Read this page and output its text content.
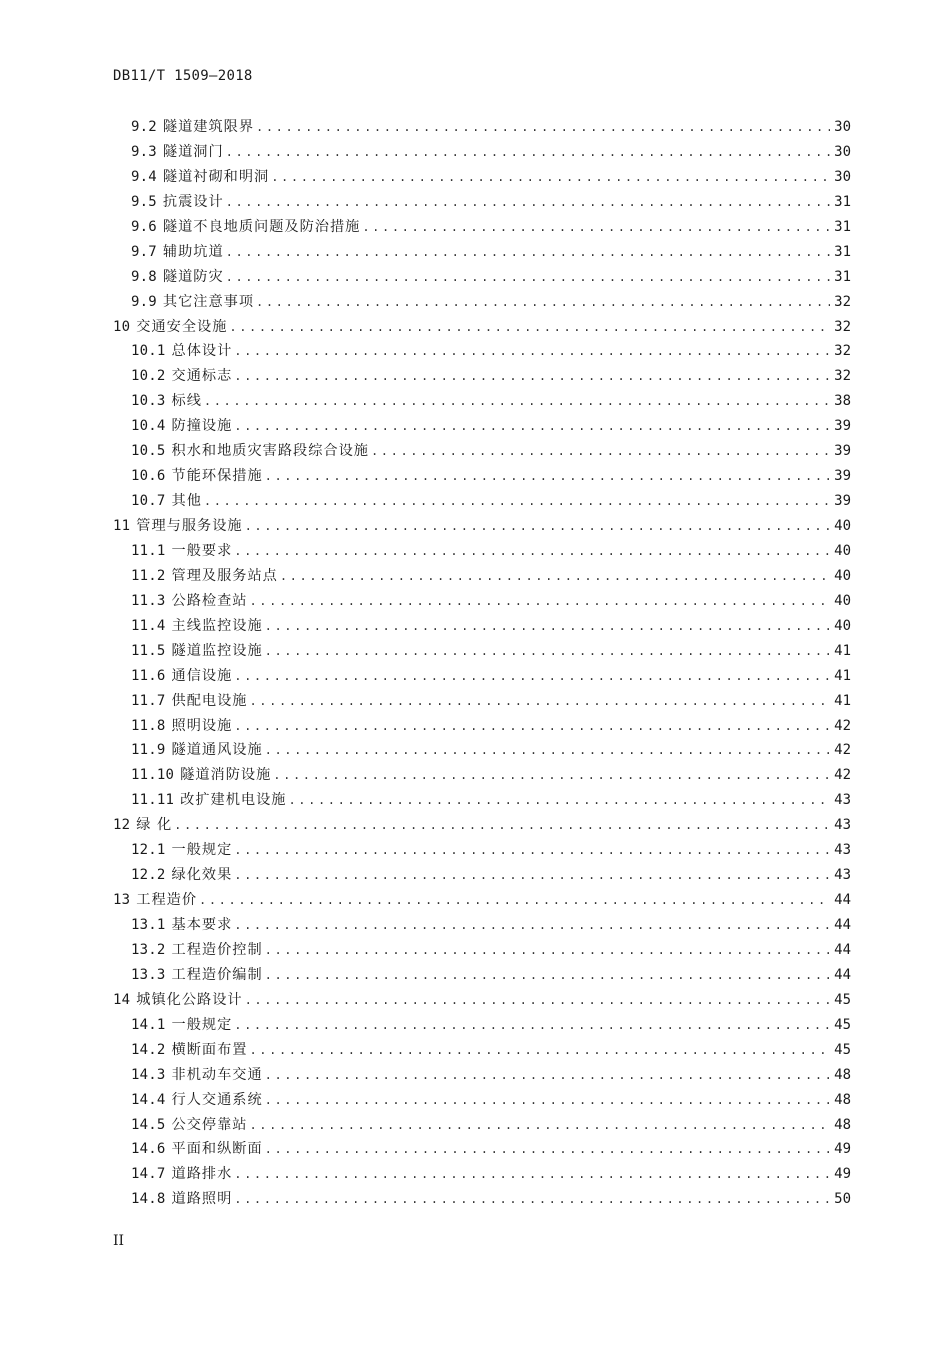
DB11/T 1509—2018
9.2 隧道建筑限界 .....	30
9.3 隧道洞门 .....	30
9.4 隧道衬砌和明洞 .....	30
9.5 抗震设计 .....	31
9.6 隧道不良地质问题及防治措施 .....	31
9.7 辅助坑道 .....	31
9.8 隧道防灾 .....	31
9.9 其它注意事项 .....	32
10 交通安全设施 .....	32
10.1 总体设计 .....	32
10.2 交通标志 .....	32
10.3 标线 .....	38
10.4 防撞设施 .....	39
10.5 积水和地质灾害路段综合设施 .....	39
10.6 节能环保措施 .....	39
10.7 其他 .....	39
11 管理与服务设施 .....	40
11.1 一般要求 .....	40
11.2 管理及服务站点 .....	40
11.3 公路检查站 .....	40
11.4 主线监控设施 .....	40
11.5 隧道监控设施 .....	41
11.6 通信设施 .....	41
11.7 供配电设施 .....	41
11.8 照明设施 .....	42
11.9 隧道通风设施 .....	42
11.10 隧道消防设施 .....	42
11.11 改扩建机电设施 .....	43
12 绿 化 .....	43
12.1 一般规定 .....	43
12.2 绿化效果 .....	43
13 工程造价 .....	44
13.1 基本要求 .....	44
13.2 工程造价控制 .....	44
13.3 工程造价编制 .....	44
14 城镇化公路设计 .....	45
14.1 一般规定 .....	45
14.2 横断面布置 .....	45
14.3 非机动车交通 .....	48
14.4 行人交通系统 .....	48
14.5 公交停靠站 .....	48
14.6 平面和纵断面 .....	49
14.7 道路排水 .....	49
14.8 道路照明 .....	50
II
